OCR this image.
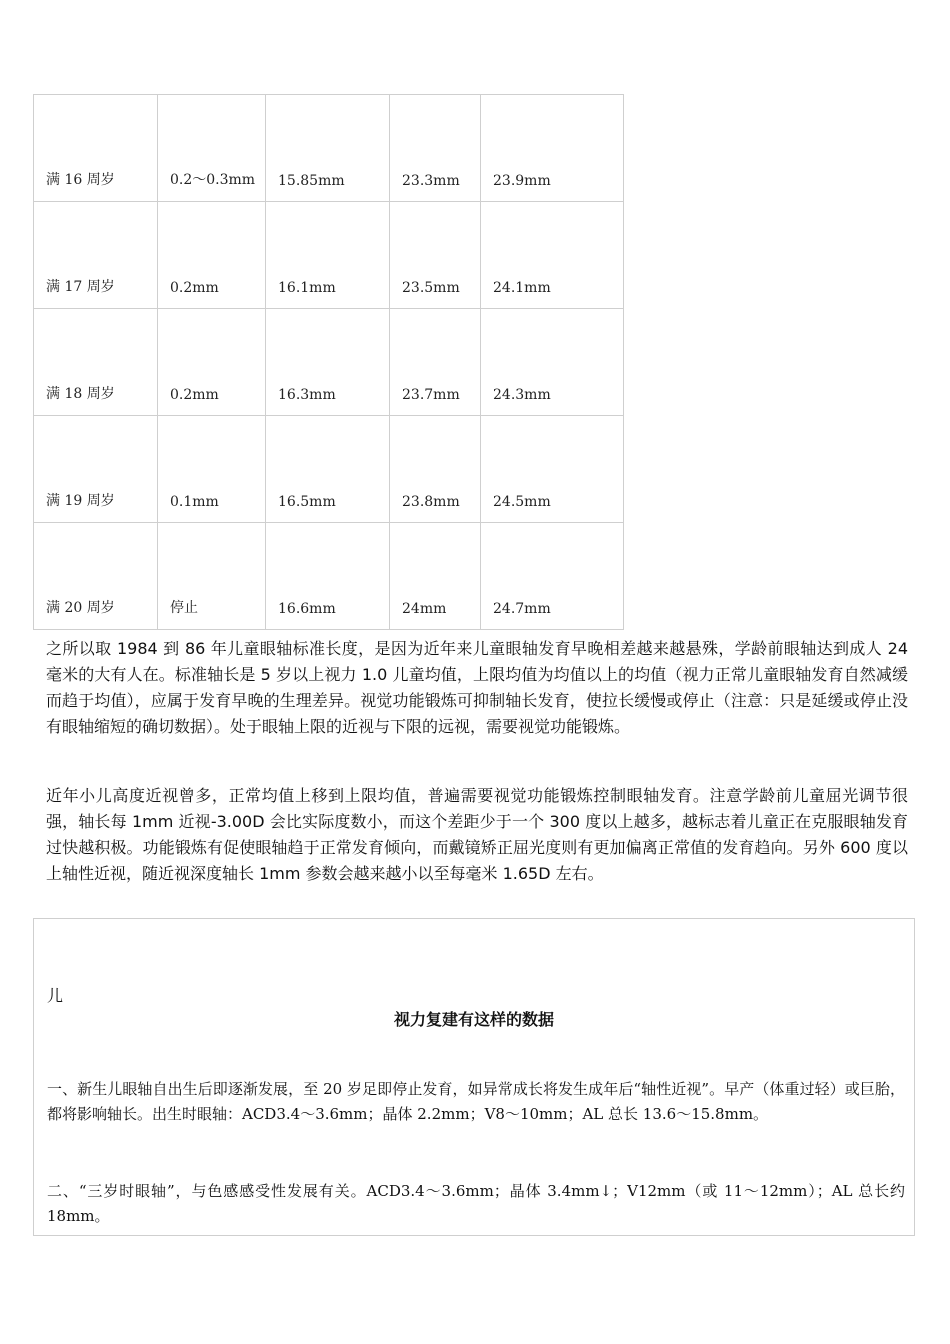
满 16 周岁	0.2～0.3mm	15.85mm	23.3mm	23.9mm
满 17 周岁	0.2mm	16.1mm	23.5mm	24.1mm
满 18 周岁	0.2mm	16.3mm	23.7mm	24.3mm
满 19 周岁	0.1mm	16.5mm	23.8mm	24.5mm
满 20 周岁	停止	16.6mm	24mm	24.7mm

之所以取 1984 到 86 年儿童眼轴标准长度，是因为近年来儿童眼轴发育早晚相差越来越悬殊，学龄前眼轴达到成人 24 毫米的大有人在。标准轴长是 5 岁以上视力 1.0 儿童均值，上限均值为均值以上的均值（视力正常儿童眼轴发育自然减缓而趋于均值），应属于发育早晚的生理差异。视觉功能锻炼可抑制轴长发育，使拉长缓慢或停止（注意：只是延缓或停止没有眼轴缩短的确切数据）。处于眼轴上限的近视与下限的远视，需要视觉功能锻炼。

近年小儿高度近视曾多，正常均值上移到上限均值，普遍需要视觉功能锻炼控制眼轴发育。注意学龄前儿童屈光调节很强，轴长每 1mm 近视-3.00D 会比实际度数小，而这个差距少于一个 300 度以上越多，越标志着儿童正在克服眼轴发育过快越积极。功能锻炼有促使眼轴趋于正常发育倾向，而戴镜矫正屈光度则有更加偏离正常值的发育趋向。另外 600 度以上轴性近视，随近视深度轴长 1mm 参数会越来越小以至每毫米 1.65D 左右。

儿
视力复建有这样的数据
一、新生儿眼轴自出生后即逐渐发展，至 20 岁足即停止发育，如异常成长将发生成年后“轴性近视”。早产（体重过轻）或巨胎，都将影响轴长。出生时眼轴：ACD3.4～3.6mm；晶体 2.2mm；V8～10mm；AL 总长 13.6～15.8mm。
二、“三岁时眼轴”，与色感感受性发展有关。ACD3.4～3.6mm；晶体 3.4mm↓；V12mm（或 11～12mm）；AL 总长约 18mm。
